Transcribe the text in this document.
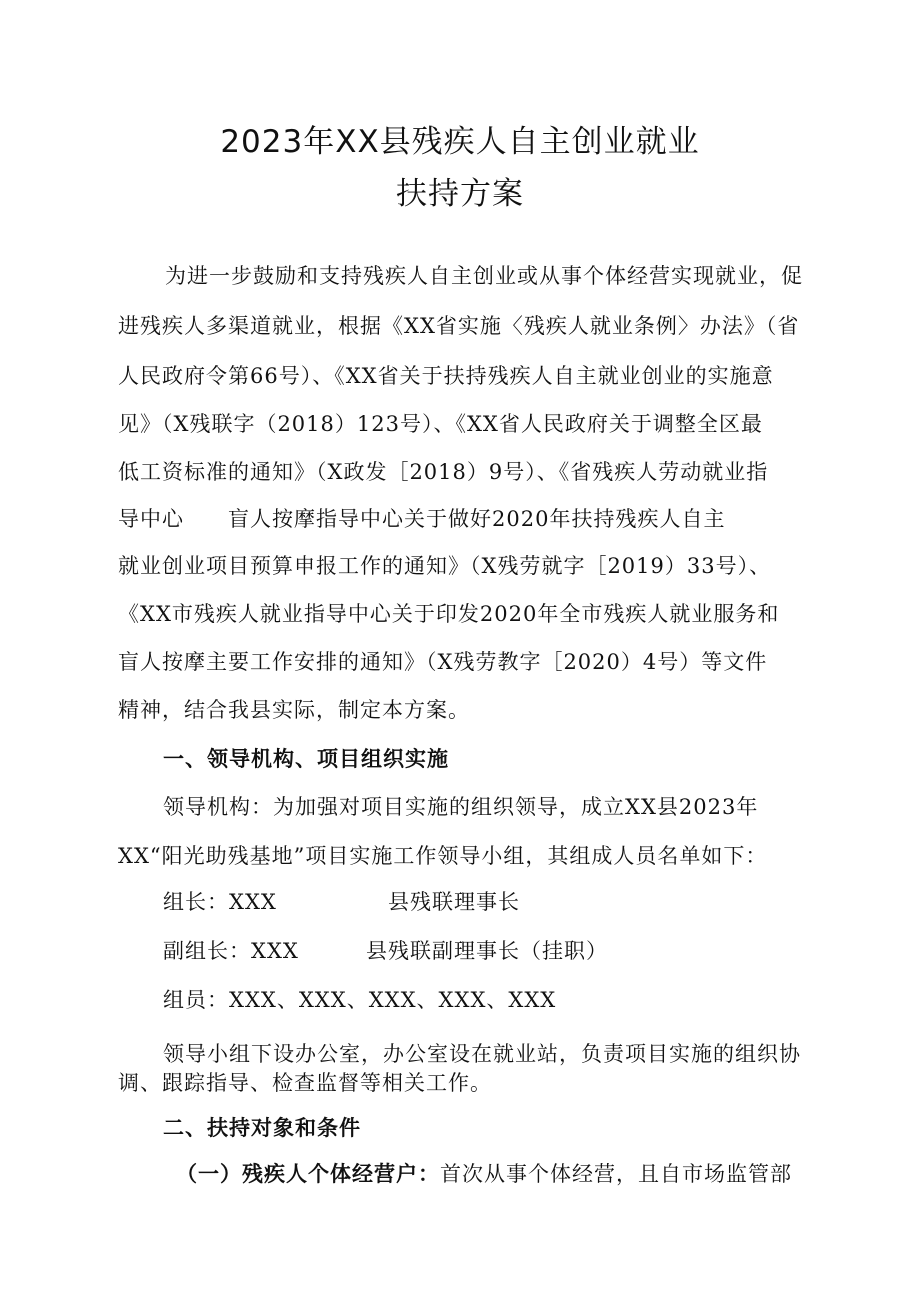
2023年XX县残疾人自主创业就业
扶持方案
为进一步鼓励和支持残疾人自主创业或从事个体经营实现就业，促
进残疾人多渠道就业，根据《XX省实施〈残疾人就业条例〉办法》（省
人民政府令第66号）、《XX省关于扶持残疾人自主就业创业的实施意
见》（X残联字（2018）123号）、《XX省人民政府关于调整全区最
低工资标准的通知》（X政发［2018）9号）、《省残疾人劳动就业指
导中心　　盲人按摩指导中心关于做好2020年扶持残疾人自主
就业创业项目预算申报工作的通知》（X残劳就字［2019）33号）、
《XX市残疾人就业指导中心关于印发2020年全市残疾人就业服务和
盲人按摩主要工作安排的通知》（X残劳教字［2020）4号）等文件
精神，结合我县实际，制定本方案。
一、领导机构、项目组织实施
领导机构：为加强对项目实施的组织领导，成立XX县2023年
XX“阳光助残基地”项目实施工作领导小组，其组成人员名单如下：
组长：XXX	县残联理事长
副组长：XXX	县残联副理事长（挂职）
组员：XXX、XXX、XXX、XXX、XXX
领导小组下设办公室，办公室设在就业站，负责项目实施的组织协
调、跟踪指导、检查监督等相关工作。
二、扶持对象和条件
（一）残疾人个体经营户：首次从事个体经营，且自市场监管部
